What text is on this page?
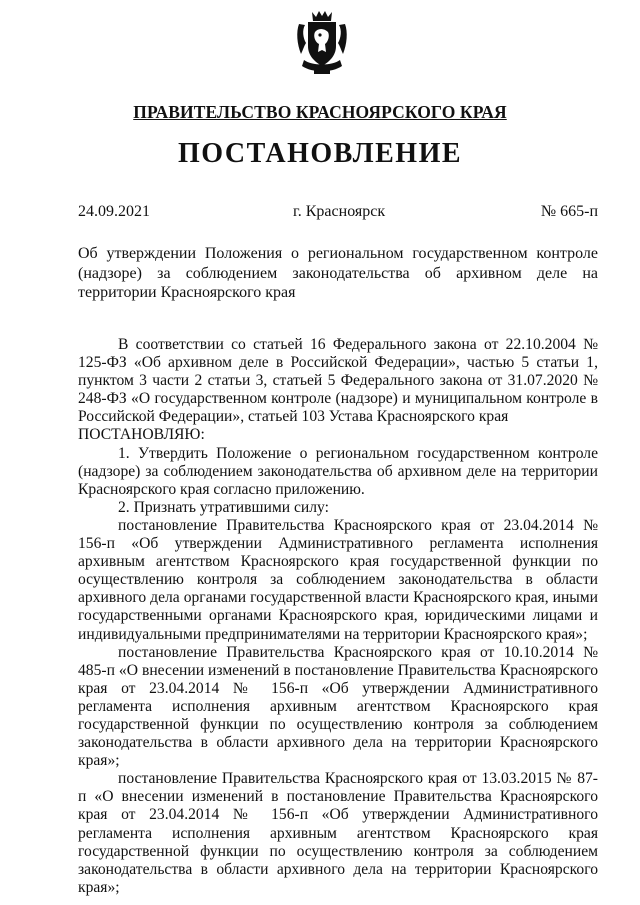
ПРАВИТЕЛЬСТВО КРАСНОЯРСКОГО КРАЯ
ПОСТАНОВЛЕНИЕ
24.09.2021	г. Красноярск	№ 665-п
Об утверждении Положения о региональном государственном контроле (надзоре) за соблюдением законодательства об архивном деле на территории Красноярского края

В соответствии со статьей 16 Федерального закона от 22.10.2004 № 125-ФЗ «Об архивном деле в Российской Федерации», частью 5 статьи 1, пунктом 3 части 2 статьи 3, статьей 5 Федерального закона от 31.07.2020 № 248-ФЗ «О государственном контроле (надзоре) и муниципальном контроле в Российской Федерации», статьей 103 Устава Красноярского края

ПОСТАНОВЛЯЮ:

1. Утвердить Положение о региональном государственном контроле (надзоре) за соблюдением законодательства об архивном деле на территории Красноярского края согласно приложению.

2. Признать утратившими силу:

постановление Правительства Красноярского края от 23.04.2014 № 156-п «Об утверждении Административного регламента исполнения архивным агентством Красноярского края государственной функции по осуществлению контроля за соблюдением законодательства в области архивного дела органами государственной власти Красноярского края, иными государственными органами Красноярского края, юридическими лицами и индивидуальными предпринимателями на территории Красноярского края»;

постановление Правительства Красноярского края от 10.10.2014 № 485-п «О внесении изменений в постановление Правительства Красноярского края от 23.04.2014 № 156-п «Об утверждении Административного регламента исполнения архивным агентством Красноярского края государственной функции по осуществлению контроля за соблюдением законодательства в области архивного дела на территории Красноярского края»;

постановление Правительства Красноярского края от 13.03.2015 № 87-п «О внесении изменений в постановление Правительства Красноярского края от 23.04.2014 № 156-п «Об утверждении Административного регламента исполнения архивным агентством Красноярского края государственной функции по осуществлению контроля за соблюдением законодательства в области архивного дела на территории Красноярского края»;
